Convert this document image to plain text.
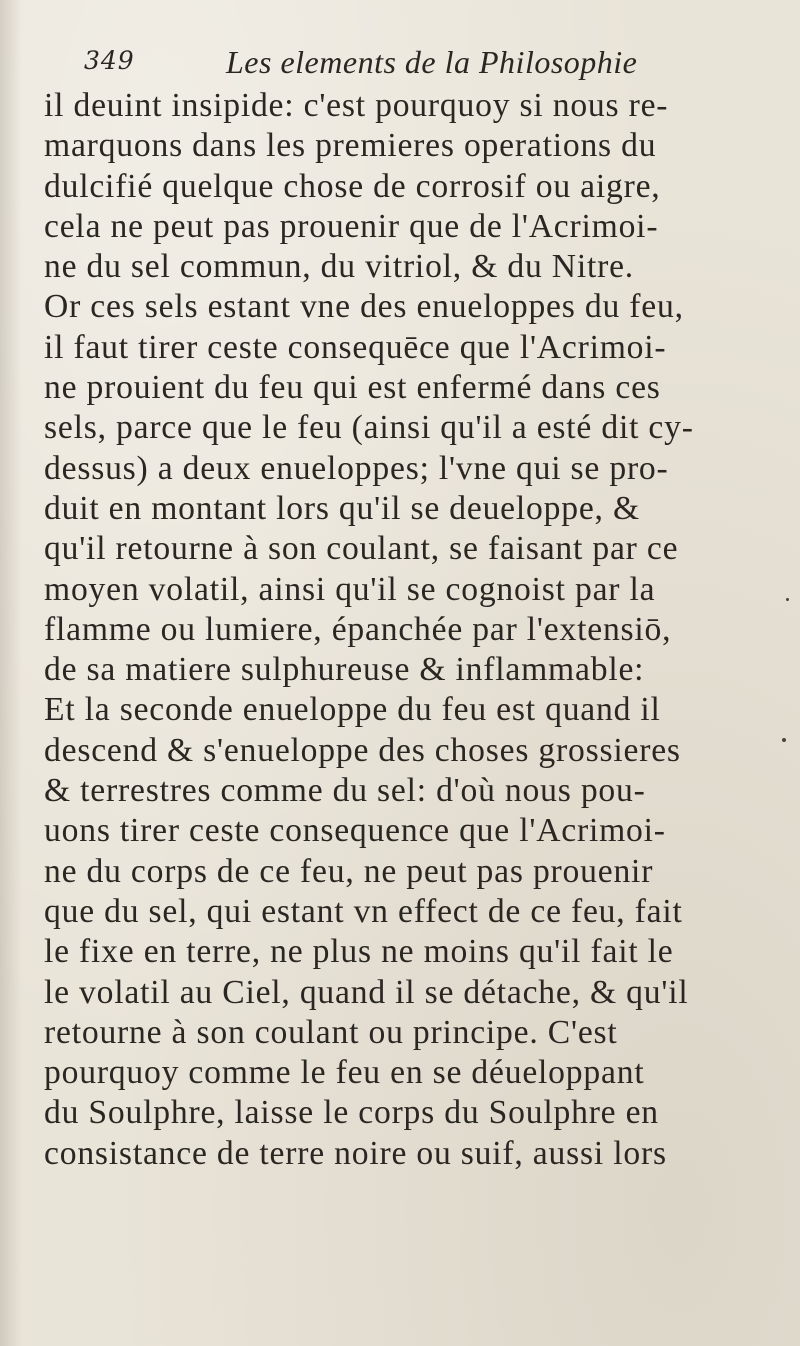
349	Les elements de la Philosophie
il deuint insipide: c'est pourquoy si nous re-
marquons dans les premieres operations du
dulcifié quelque chose de corrosif ou aigre,
cela ne peut pas prouenir que de l'Acrimoi-
ne du sel commun, du vitriol, & du Nitre.
Or ces sels estant vne des enueloppes du feu,
il faut tirer ceste consequēce que l'Acrimoi-
ne prouient du feu qui est enfermé dans ces
sels, parce que le feu (ainsi qu'il a esté dit cy-
dessus) a deux enueloppes; l'vne qui se pro-
duit en montant lors qu'il se deueloppe, &
qu'il retourne à son coulant, se faisant par ce
moyen volatil, ainsi qu'il se cognoist par la
flamme ou lumiere, épanchée par l'extensiō,
de sa matiere sulphureuse & inflammable:
Et la seconde enueloppe du feu est quand il
descend & s'enueloppe des choses grossieres
& terrestres comme du sel: d'où nous pou-
uons tirer ceste consequence que l'Acrimoi-
ne du corps de ce feu, ne peut pas prouenir
que du sel, qui estant vn effect de ce feu, fait
le fixe en terre, ne plus ne moins qu'il fait le
le volatil au Ciel, quand il se détache, & qu'il
retourne à son coulant ou principe. C'est
pourquoy comme le feu en se déueloppant
du Soulphre, laisse le corps du Soulphre en
consistance de terre noire ou suif, aussi lors
